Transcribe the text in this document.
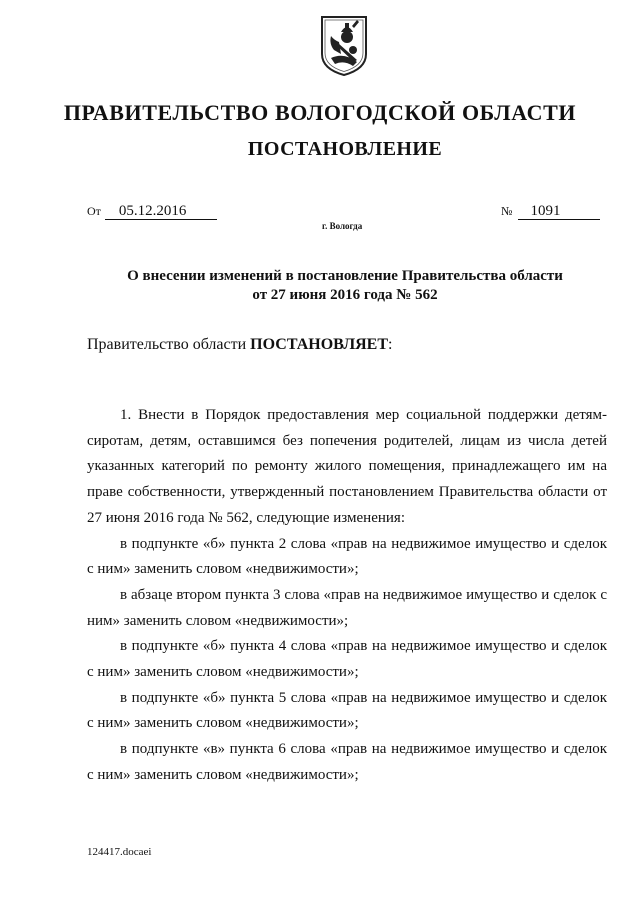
ПРАВИТЕЛЬСТВО ВОЛОГОДСКОЙ ОБЛАСТИ
ПОСТАНОВЛЕНИЕ
От 05.12.2016	№ 1091
г. Вологда
О внесении изменений в постановление Правительства области
от 27 июня 2016 года № 562
Правительство области ПОСТАНОВЛЯЕТ:

1. Внести в Порядок предоставления мер социальной поддержки детям-сиротам, детям, оставшимся без попечения родителей, лицам из числа детей указанных категорий по ремонту жилого помещения, принадлежащего им на праве собственности, утвержденный постановлением Правительства области от 27 июня 2016 года № 562, следующие изменения:

в подпункте «б» пункта 2 слова «прав на недвижимое имущество и сделок с ним» заменить словом «недвижимости»;

в абзаце втором пункта 3 слова «прав на недвижимое имущество и сделок с ним» заменить словом «недвижимости»;

в подпункте «б» пункта 4 слова «прав на недвижимое имущество и сделок с ним» заменить словом «недвижимости»;

в подпункте «б» пункта 5 слова «прав на недвижимое имущество и сделок с ним» заменить словом «недвижимости»;

в подпункте «в» пункта 6 слова «прав на недвижимое имущество и сделок с ним» заменить словом «недвижимости»;

124417.docaei
